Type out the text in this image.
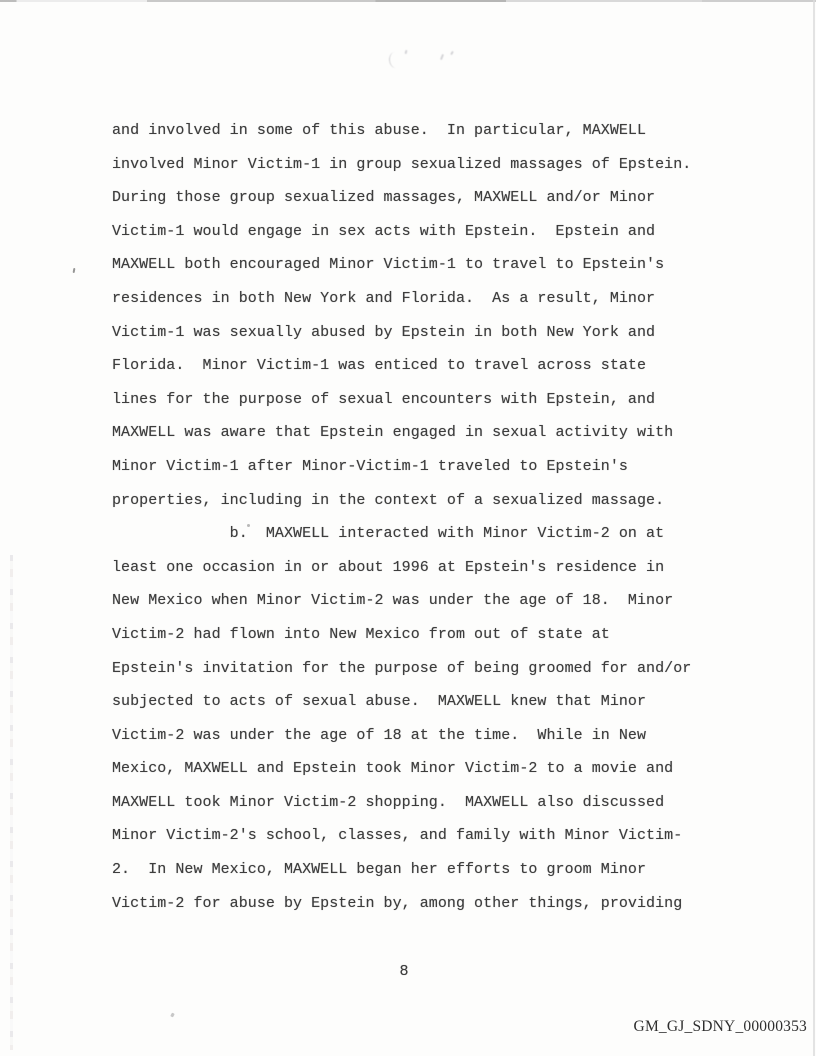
and involved in some of this abuse.  In particular, MAXWELL
involved Minor Victim-1 in group sexualized massages of Epstein.
During those group sexualized massages, MAXWELL and/or Minor
Victim-1 would engage in sex acts with Epstein.  Epstein and
MAXWELL both encouraged Minor Victim-1 to travel to Epstein's
residences in both New York and Florida.  As a result, Minor
Victim-1 was sexually abused by Epstein in both New York and
Florida.  Minor Victim-1 was enticed to travel across state
lines for the purpose of sexual encounters with Epstein, and
MAXWELL was aware that Epstein engaged in sexual activity with
Minor Victim-1 after Minor-Victim-1 traveled to Epstein's
properties, including in the context of a sexualized massage.
b.  MAXWELL interacted with Minor Victim-2 on at
least one occasion in or about 1996 at Epstein's residence in
New Mexico when Minor Victim-2 was under the age of 18.  Minor
Victim-2 had flown into New Mexico from out of state at
Epstein's invitation for the purpose of being groomed for and/or
subjected to acts of sexual abuse.  MAXWELL knew that Minor
Victim-2 was under the age of 18 at the time.  While in New
Mexico, MAXWELL and Epstein took Minor Victim-2 to a movie and
MAXWELL took Minor Victim-2 shopping.  MAXWELL also discussed
Minor Victim-2's school, classes, and family with Minor Victim-
2.  In New Mexico, MAXWELL began her efforts to groom Minor
Victim-2 for abuse by Epstein by, among other things, providing
8
GM_GJ_SDNY_00000353
